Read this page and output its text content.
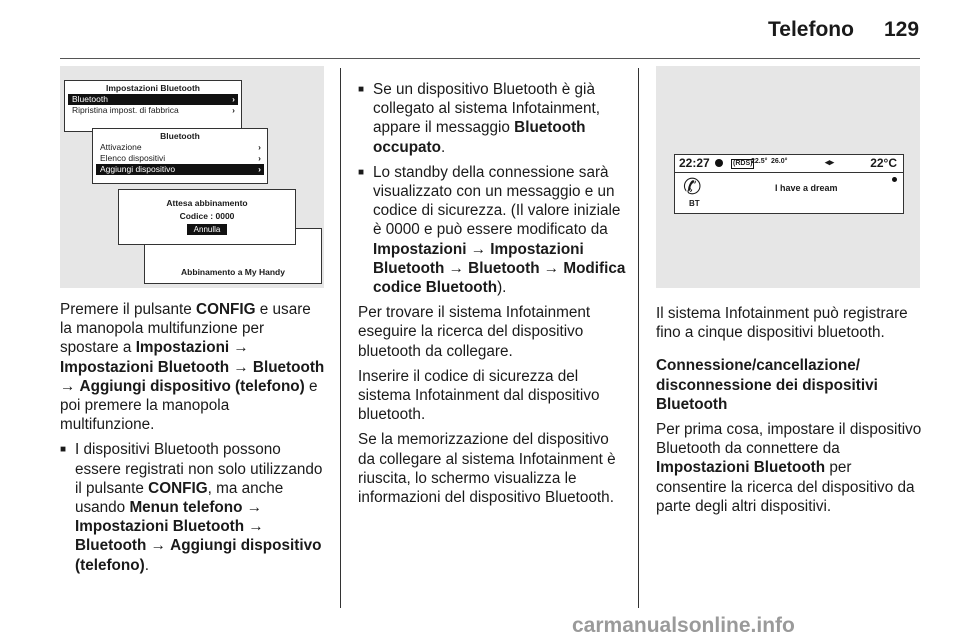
Telefono 129
Impostazioni Bluetooth
Bluetooth	›
Ripristina impost. di fabbrica	›
Bluetooth
Attivazione	›
Elenco dispositivi	›
Aggiungi dispositivo	›
Abbinamento a My Handy
Attesa abbinamento
Codice : 0000
Annulla
22:27	(RDS)
22.5° 26.0°	◂▸	22°C
✆
BT
I have a dream

Premere il pulsante CONFIG e usare la manopola multifunzione per spostare a Impostazioni → Impostazioni Bluetooth → Bluetooth → Aggiungi dispositivo (telefono) e poi premere la manopola multifunzione.

■ I dispositivi Bluetooth possono essere registrati non solo utilizzando il pulsante CONFIG, ma anche usando Menun telefono → Impostazioni Bluetooth → Bluetooth → Aggiungi dispositivo (telefono).
■ Se un dispositivo Bluetooth è già collegato al sistema Infotainment, appare il messaggio Bluetooth occupato.
■ Lo standby della connessione sarà visualizzato con un messaggio e un codice di sicurezza. (Il valore iniziale è 0000 e può essere modificato da Impostazioni → Impostazioni Bluetooth → Bluetooth → Modifica codice Bluetooth).

Per trovare il sistema Infotainment eseguire la ricerca del dispositivo bluetooth da collegare.

Inserire il codice di sicurezza del sistema Infotainment dal dispositivo bluetooth.

Se la memorizzazione del dispositivo da collegare al sistema Infotainment è riuscita, lo schermo visualizza le informazioni del dispositivo Bluetooth.

Il sistema Infotainment può registrare fino a cinque dispositivi bluetooth.

Connessione/cancellazione/ disconnessione dei dispositivi Bluetooth

Per prima cosa, impostare il dispositivo Bluetooth da connettere da Impostazioni Bluetooth per consentire la ricerca del dispositivo da parte degli altri dispositivi.

carmanualsonline.info
